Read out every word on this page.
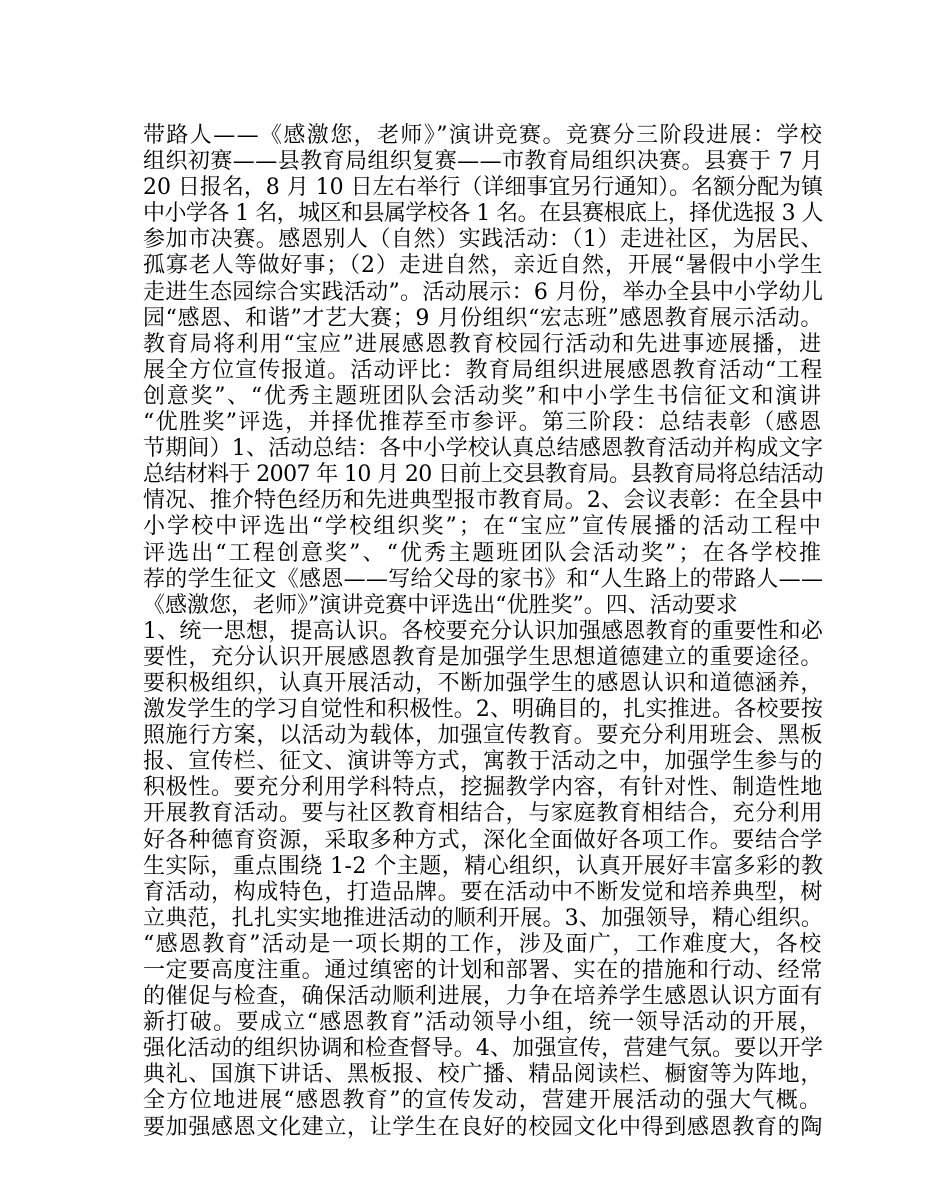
带路人——《感激您，老师》”演讲竞赛。竞赛分三阶段进展：学校
组织初赛——县教育局组织复赛——市教育局组织决赛。县赛于 7 月
20 日报名，8 月 10 日左右举行（详细事宜另行通知）。名额分配为镇
中小学各 1 名，城区和县属学校各 1 名。在县赛根底上，择优选报 3 人
参加市决赛。感恩别人（自然）实践活动：（1）走进社区，为居民、
孤寡老人等做好事；（2）走进自然，亲近自然，开展“暑假中小学生
走进生态园综合实践活动”。活动展示：6 月份，举办全县中小学幼儿
园“感恩、和谐”才艺大赛；9 月份组织“宏志班”感恩教育展示活动。
教育局将利用“宝应”进展感恩教育校园行活动和先进事迹展播，进
展全方位宣传报道。活动评比：教育局组织进展感恩教育活动“工程
创意奖”、“优秀主题班团队会活动奖”和中小学生书信征文和演讲
“优胜奖”评选，并择优推荐至市参评。第三阶段：总结表彰（感恩
节期间）1、活动总结：各中小学校认真总结感恩教育活动并构成文字
总结材料于 2007 年 10 月 20 日前上交县教育局。县教育局将总结活动
情况、推介特色经历和先进典型报市教育局。2、会议表彰：在全县中
小学校中评选出“学校组织奖”；在“宝应”宣传展播的活动工程中
评选出“工程创意奖”、“优秀主题班团队会活动奖”；在各学校推
荐的学生征文《感恩——写给父母的家书》和“人生路上的带路人——
《感激您，老师》”演讲竞赛中评选出“优胜奖”。四、活动要求
1、统一思想，提高认识。各校要充分认识加强感恩教育的重要性和必
要性，充分认识开展感恩教育是加强学生思想道德建立的重要途径。
要积极组织，认真开展活动，不断加强学生的感恩认识和道德涵养，
激发学生的学习自觉性和积极性。2、明确目的，扎实推进。各校要按
照施行方案，以活动为载体，加强宣传教育。要充分利用班会、黑板
报、宣传栏、征文、演讲等方式，寓教于活动之中，加强学生参与的
积极性。要充分利用学科特点，挖掘教学内容，有针对性、制造性地
开展教育活动。要与社区教育相结合，与家庭教育相结合，充分利用
好各种德育资源，采取多种方式，深化全面做好各项工作。要结合学
生实际，重点围绕 1-2 个主题，精心组织，认真开展好丰富多彩的教
育活动，构成特色，打造品牌。要在活动中不断发觉和培养典型，树
立典范，扎扎实实地推进活动的顺利开展。3、加强领导，精心组织。
“感恩教育”活动是一项长期的工作，涉及面广，工作难度大，各校
一定要高度注重。通过缜密的计划和部署、实在的措施和行动、经常
的催促与检查，确保活动顺利进展，力争在培养学生感恩认识方面有
新打破。要成立“感恩教育”活动领导小组，统一领导活动的开展，
强化活动的组织协调和检查督导。4、加强宣传，营建气氛。要以开学
典礼、国旗下讲话、黑板报、校广播、精品阅读栏、橱窗等为阵地，
全方位地进展“感恩教育”的宣传发动，营建开展活动的强大气概。
要加强感恩文化建立，让学生在良好的校园文化中得到感恩教育的陶
